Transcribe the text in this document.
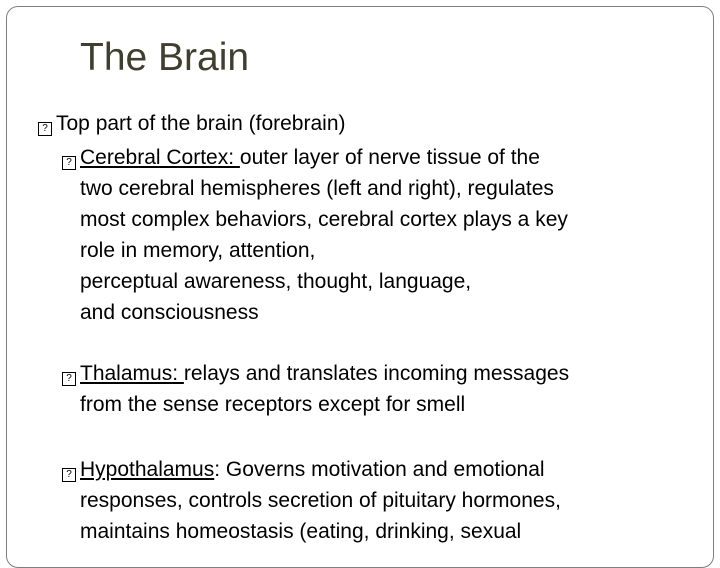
The Brain
? Top part of the brain (forebrain)
? Cerebral Cortex: outer layer of nerve tissue of the
two cerebral hemispheres (left and right), regulates
most complex behaviors, cerebral cortex plays a key
role in memory, attention,
perceptual awareness, thought, language,
and consciousness
? Thalamus: relays and translates incoming messages
from the sense receptors except for smell
? Hypothalamus: Governs motivation and emotional
responses, controls secretion of pituitary hormones,
maintains homeostasis (eating, drinking, sexual
